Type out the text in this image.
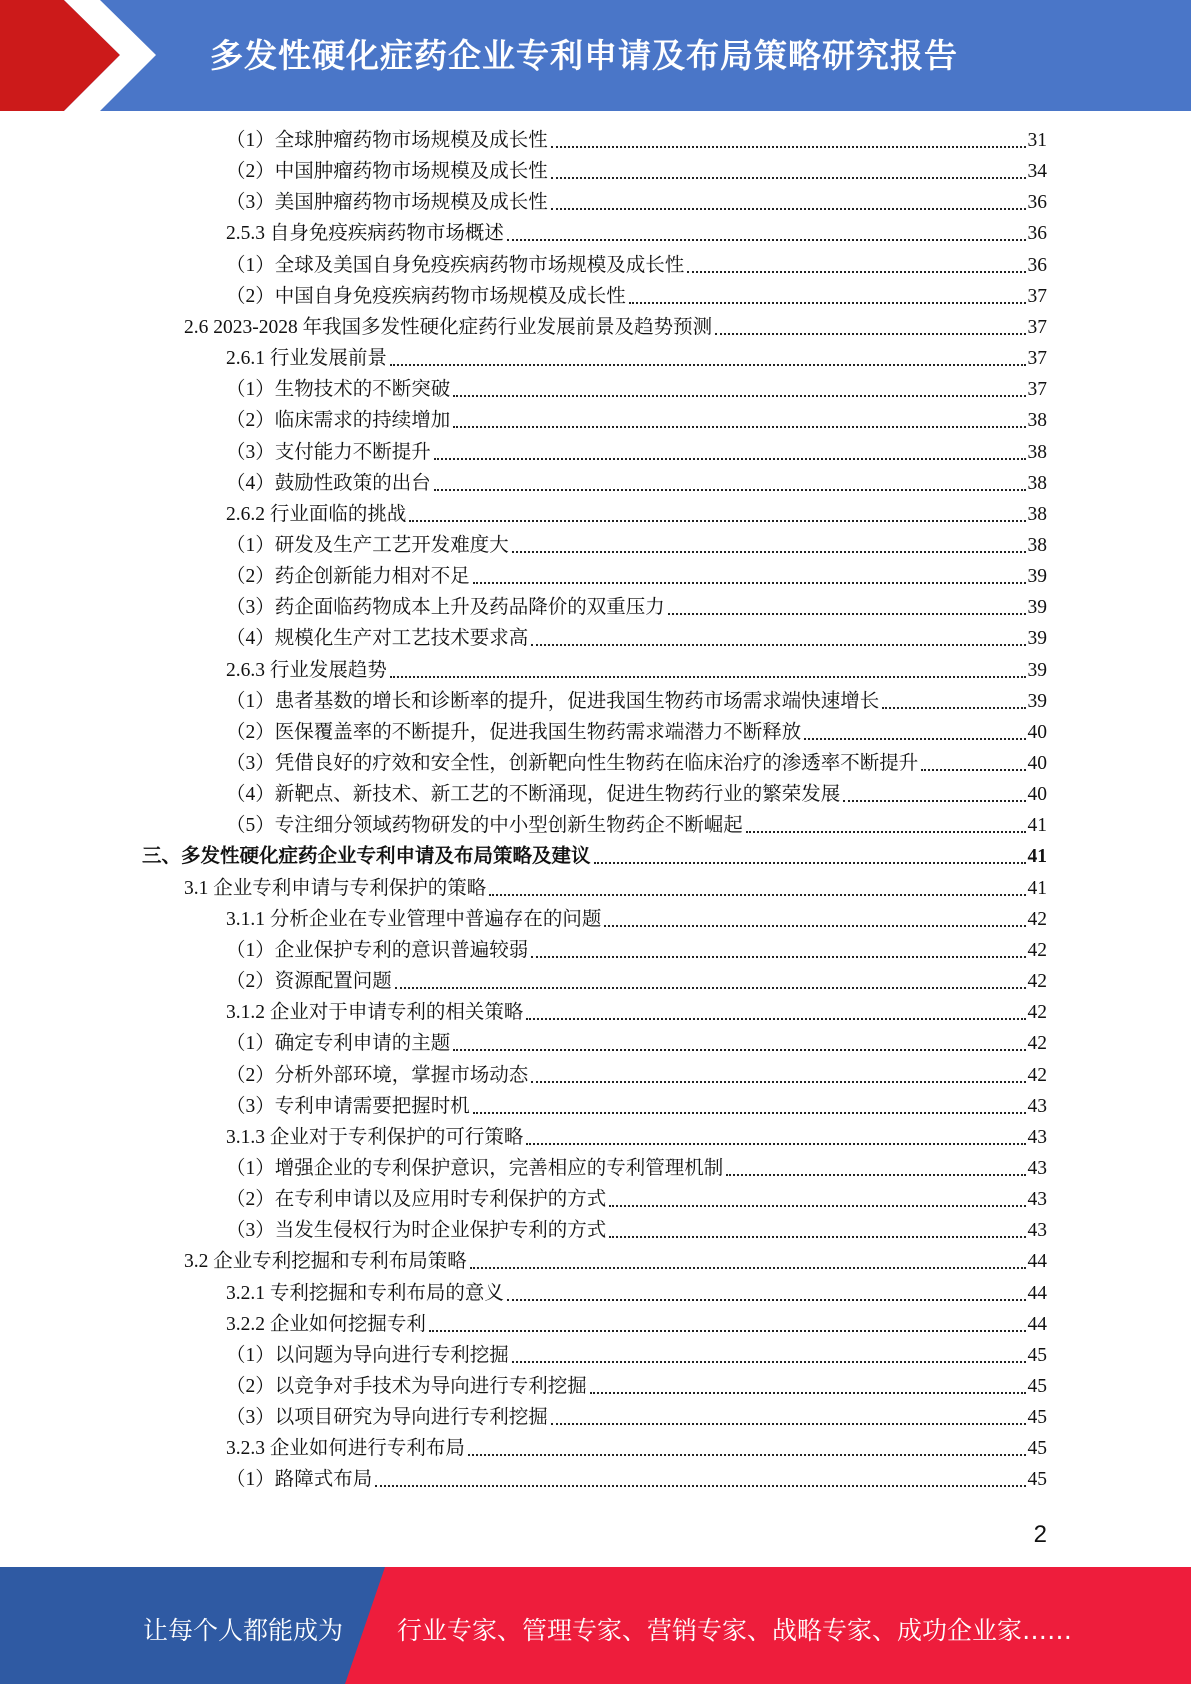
多发性硬化症药企业专利申请及布局策略研究报告
（1）全球肿瘤药物市场规模及成长性	31
（2）中国肿瘤药物市场规模及成长性	34
（3）美国肿瘤药物市场规模及成长性	36
2.5.3 自身免疫疾病药物市场概述	36
（1）全球及美国自身免疫疾病药物市场规模及成长性	36
（2）中国自身免疫疾病药物市场规模及成长性	37
2.6 2023-2028 年我国多发性硬化症药行业发展前景及趋势预测	37
2.6.1 行业发展前景	37
（1）生物技术的不断突破	37
（2）临床需求的持续增加	38
（3）支付能力不断提升	38
（4）鼓励性政策的出台	38
2.6.2 行业面临的挑战	38
（1）研发及生产工艺开发难度大	38
（2）药企创新能力相对不足	39
（3）药企面临药物成本上升及药品降价的双重压力	39
（4）规模化生产对工艺技术要求高	39
2.6.3 行业发展趋势	39
（1）患者基数的增长和诊断率的提升，促进我国生物药市场需求端快速增长	39
（2）医保覆盖率的不断提升，促进我国生物药需求端潜力不断释放	40
（3）凭借良好的疗效和安全性，创新靶向性生物药在临床治疗的渗透率不断提升	40
（4）新靶点、新技术、新工艺的不断涌现，促进生物药行业的繁荣发展	40
（5）专注细分领域药物研发的中小型创新生物药企不断崛起	41
三、多发性硬化症药企业专利申请及布局策略及建议	41
3.1 企业专利申请与专利保护的策略	41
3.1.1 分析企业在专业管理中普遍存在的问题	42
（1）企业保护专利的意识普遍较弱	42
（2）资源配置问题	42
3.1.2 企业对于申请专利的相关策略	42
（1）确定专利申请的主题	42
（2）分析外部环境，掌握市场动态	42
（3）专利申请需要把握时机	43
3.1.3 企业对于专利保护的可行策略	43
（1）增强企业的专利保护意识，完善相应的专利管理机制	43
（2）在专利申请以及应用时专利保护的方式	43
（3）当发生侵权行为时企业保护专利的方式	43
3.2 企业专利挖掘和专利布局策略	44
3.2.1 专利挖掘和专利布局的意义	44
3.2.2 企业如何挖掘专利	44
（1）以问题为导向进行专利挖掘	45
（2）以竞争对手技术为导向进行专利挖掘	45
（3）以项目研究为导向进行专利挖掘	45
3.2.3 企业如何进行专利布局	45
（1）路障式布局	45
2
让每个人都能成为 行业专家、管理专家、营销专家、战略专家、成功企业家……
